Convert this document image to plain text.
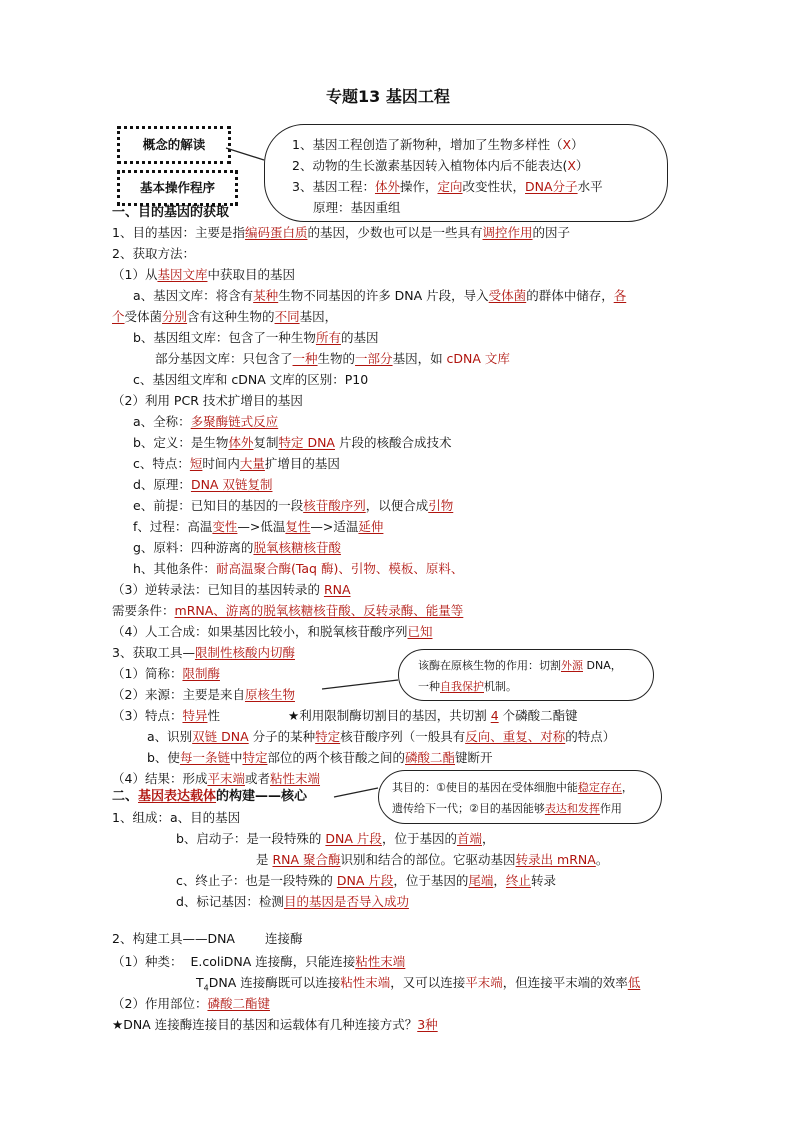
专题13 基因工程
概念的解读
基本操作程序
1、基因工程创造了新物种，增加了生物多样性（X）
2、动物的生长激素基因转入植物体内后不能表达(X）
3、基因工程：体外操作，定向改变性状，DNA分子水平
原理：基因重组
一、目的基因的获取
1、目的基因：主要是指编码蛋白质的基因，少数也可以是一些具有调控作用的因子
2、获取方法：
（1）从基因文库中获取目的基因
a、基因文库：将含有某种生物不同基因的许多 DNA 片段，导入受体菌的群体中储存，各
个受体菌分别含有这种生物的不同基因，
b、基因组文库：包含了一种生物所有的基因
部分基因文库：只包含了一种生物的一部分基因，如 cDNA 文库
c、基因组文库和 cDNA 文库的区别：P10
（2）利用 PCR 技术扩增目的基因
a、全称：多聚酶链式反应
b、定义：是生物体外复制特定 DNA 片段的核酸合成技术
c、特点：短时间内大量扩增目的基因
d、原理：DNA 双链复制
e、前提：已知目的基因的一段核苷酸序列，以便合成引物
f、过程：高温变性—>低温复性—>适温延伸
g、原料：四种游离的脱氧核糖核苷酸
h、其他条件：耐高温聚合酶(Taq 酶)、引物、模板、原料、
（3）逆转录法：已知目的基因转录的 RNA
需要条件：mRNA、游离的脱氧核糖核苷酸、反转录酶、能量等
（4）人工合成：如果基因比较小，和脱氧核苷酸序列已知
3、获取工具—限制性核酸内切酶
（1）简称：限制酶
（2）来源：主要是来自原核生物
（3）特点：特异性	★利用限制酶切割目的基因，共切割 4 个磷酸二酯键
a、识别双链 DNA 分子的某种特定核苷酸序列（一般具有反向、重复、对称的特点）
b、使每一条链中特定部位的两个核苷酸之间的磷酸二酯键断开
（4）结果：形成平末端或者粘性末端
该酶在原核生物的作用：切割外源 DNA，
一种自我保护机制。
其目的：①使目的基因在受体细胞中能稳定存在，
遗传给下一代；②目的基因能够表达和发挥作用
二、基因表达载体的构建——核心
1、组成：a、目的基因
b、启动子：是一段特殊的 DNA 片段，位于基因的首端，
是 RNA 聚合酶识别和结合的部位。它驱动基因转录出 mRNA。
c、终止子：也是一段特殊的 DNA 片段，位于基因的尾端，终止转录
d、标记基因：检测目的基因是否导入成功
2、构建工具——DNA 连接酶
（1）种类： E.coliDNA 连接酶，只能连接粘性末端
$T_4DNA$ 连接酶既可以连接粘性末端，又可以连接平末端，但连接平末端的效率低
（2）作用部位：磷酸二酯键
★DNA 连接酶连接目的基因和运载体有几种连接方式？3种
